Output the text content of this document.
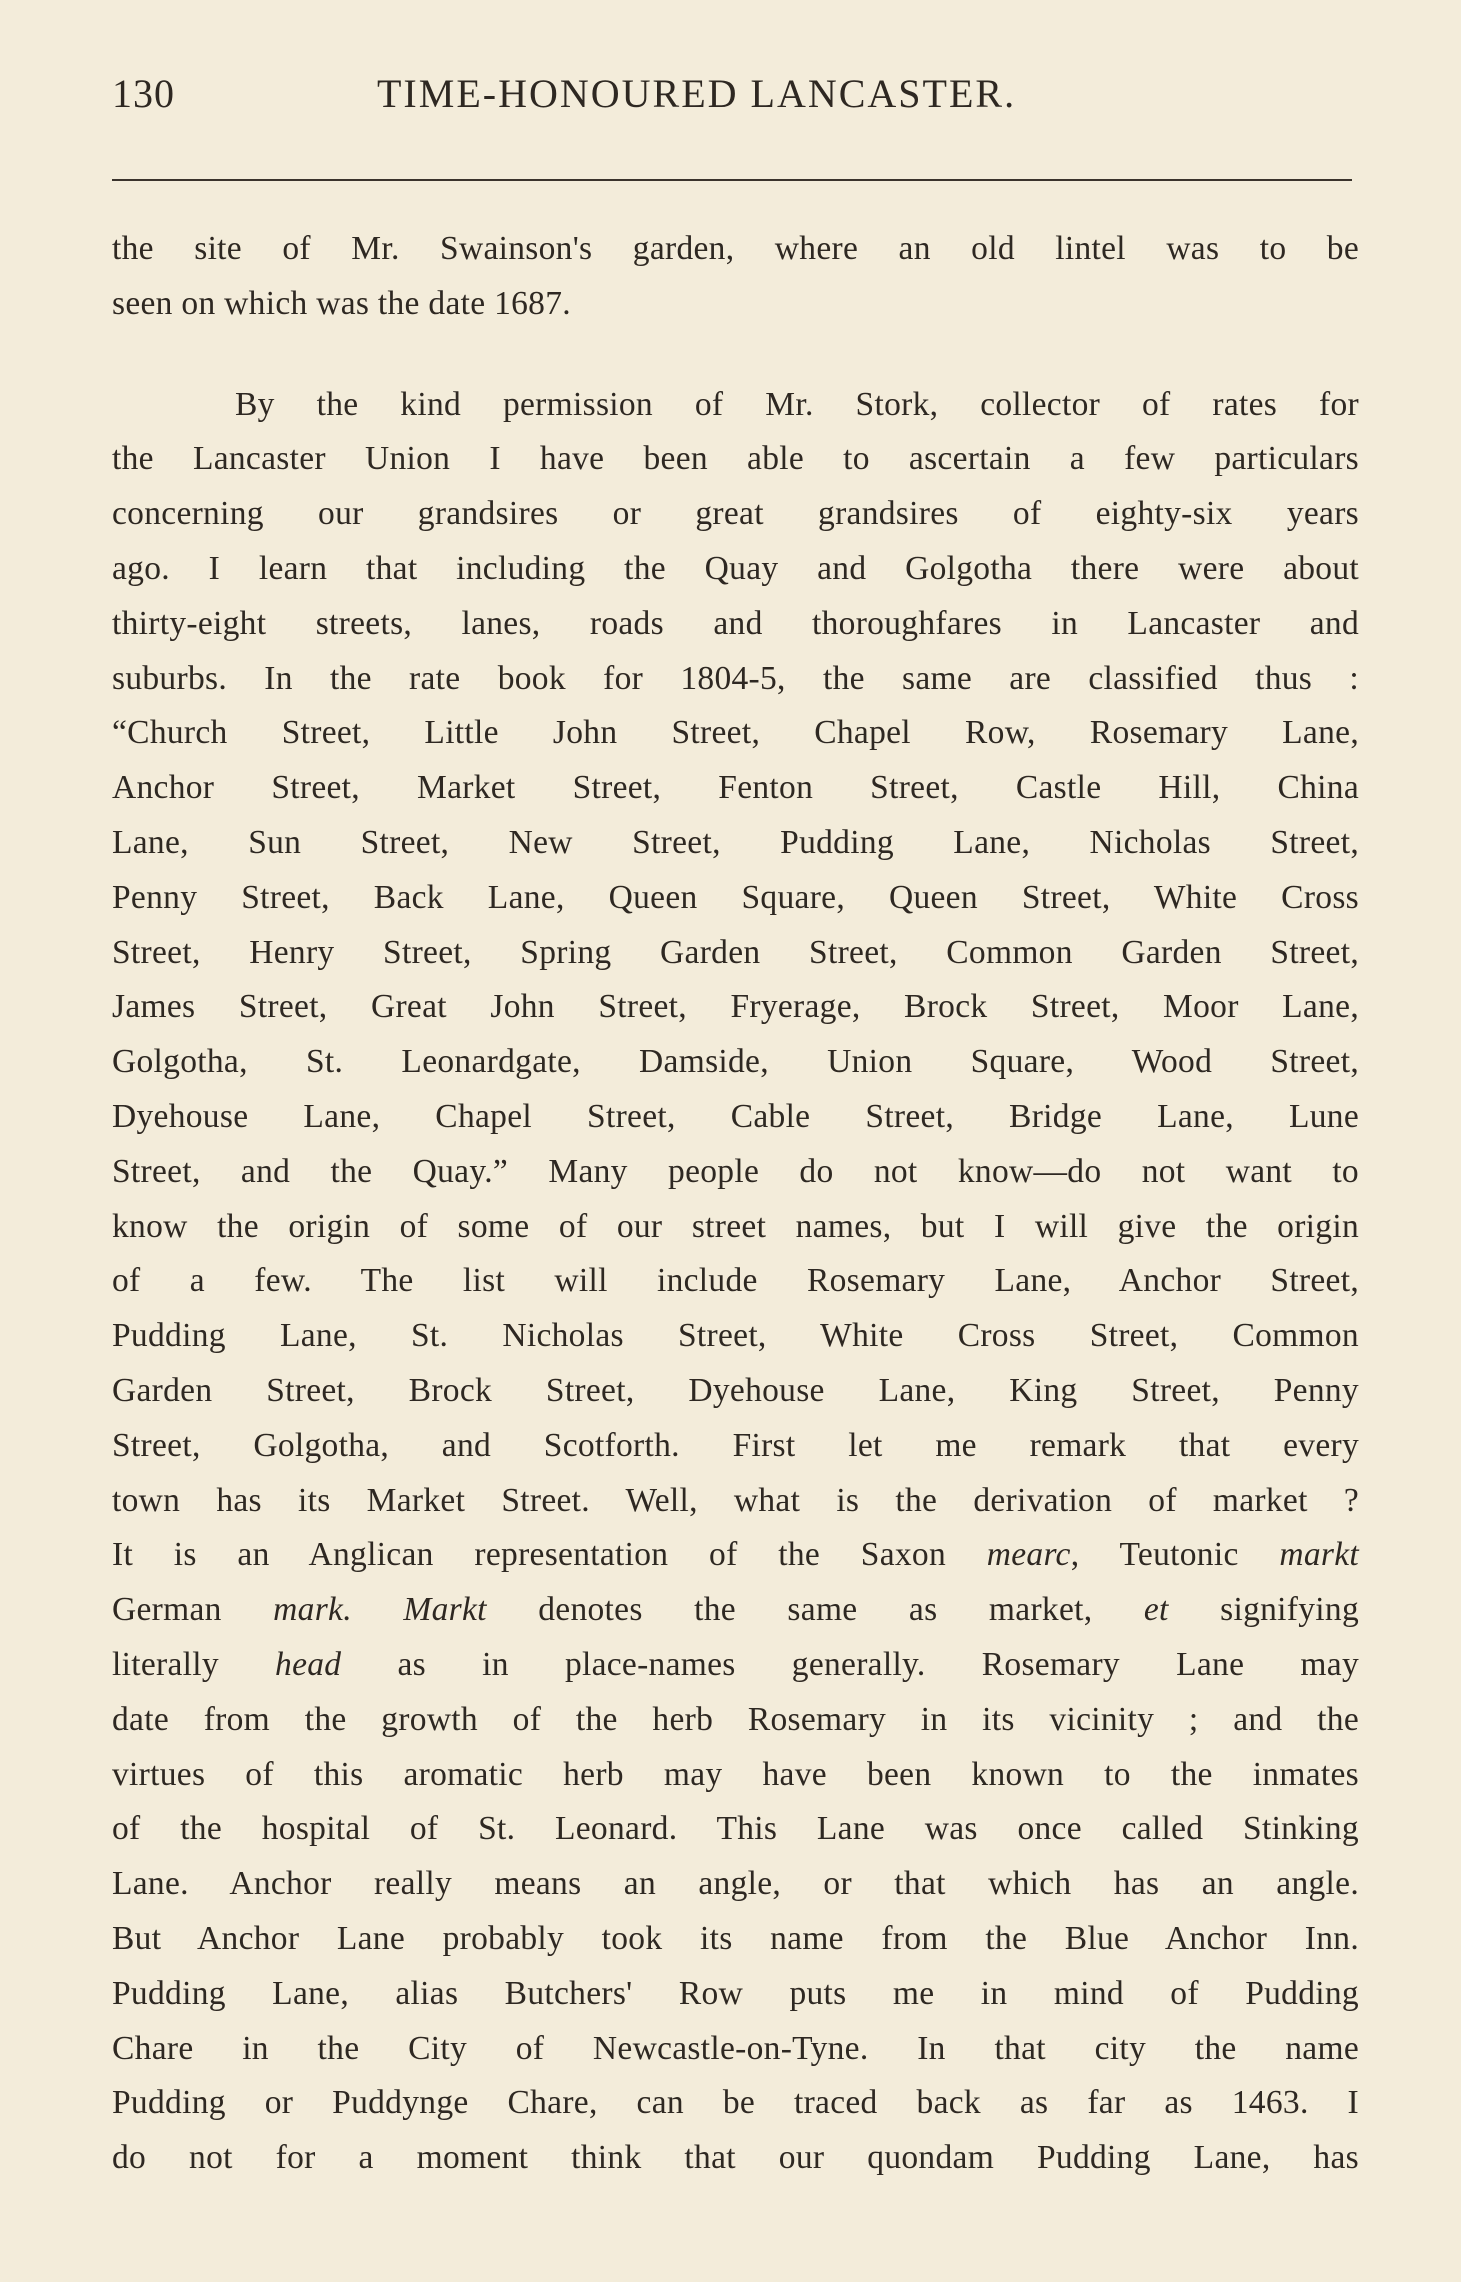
130	TIME-HONOURED LANCASTER.
the site of Mr. Swainson's garden, where an old lintel was to be
seen on which was the date 1687.
By the kind permission of Mr. Stork, collector of rates for
the Lancaster Union I have been able to ascertain a few particulars
concerning our grandsires or great grandsires of eighty-six years
ago. I learn that including the Quay and Golgotha there were about
thirty-eight streets, lanes, roads and thoroughfares in Lancaster and
suburbs. In the rate book for 1804-5, the same are classified thus :
“Church Street, Little John Street, Chapel Row, Rosemary Lane,
Anchor Street, Market Street, Fenton Street, Castle Hill, China
Lane, Sun Street, New Street, Pudding Lane, Nicholas Street,
Penny Street, Back Lane, Queen Square, Queen Street, White Cross
Street, Henry Street, Spring Garden Street, Common Garden Street,
James Street, Great John Street, Fryerage, Brock Street, Moor Lane,
Golgotha, St. Leonardgate, Damside, Union Square, Wood Street,
Dyehouse Lane, Chapel Street, Cable Street, Bridge Lane, Lune
Street, and the Quay.” Many people do not know—do not want to
know the origin of some of our street names, but I will give the origin
of a few. The list will include Rosemary Lane, Anchor Street,
Pudding Lane, St. Nicholas Street, White Cross Street, Common
Garden Street, Brock Street, Dyehouse Lane, King Street, Penny
Street, Golgotha, and Scotforth. First let me remark that every
town has its Market Street. Well, what is the derivation of market ?
It is an Anglican representation of the Saxon mearc, Teutonic markt
German mark. Markt denotes the same as market, et signifying
literally head as in place-names generally. Rosemary Lane may
date from the growth of the herb Rosemary in its vicinity ; and the
virtues of this aromatic herb may have been known to the inmates
of the hospital of St. Leonard. This Lane was once called Stinking
Lane. Anchor really means an angle, or that which has an angle.
But Anchor Lane probably took its name from the Blue Anchor Inn.
Pudding Lane, alias Butchers' Row puts me in mind of Pudding
Chare in the City of Newcastle-on-Tyne. In that city the name
Pudding or Puddynge Chare, can be traced back as far as 1463. I
do not for a moment think that our quondam Pudding Lane, has
